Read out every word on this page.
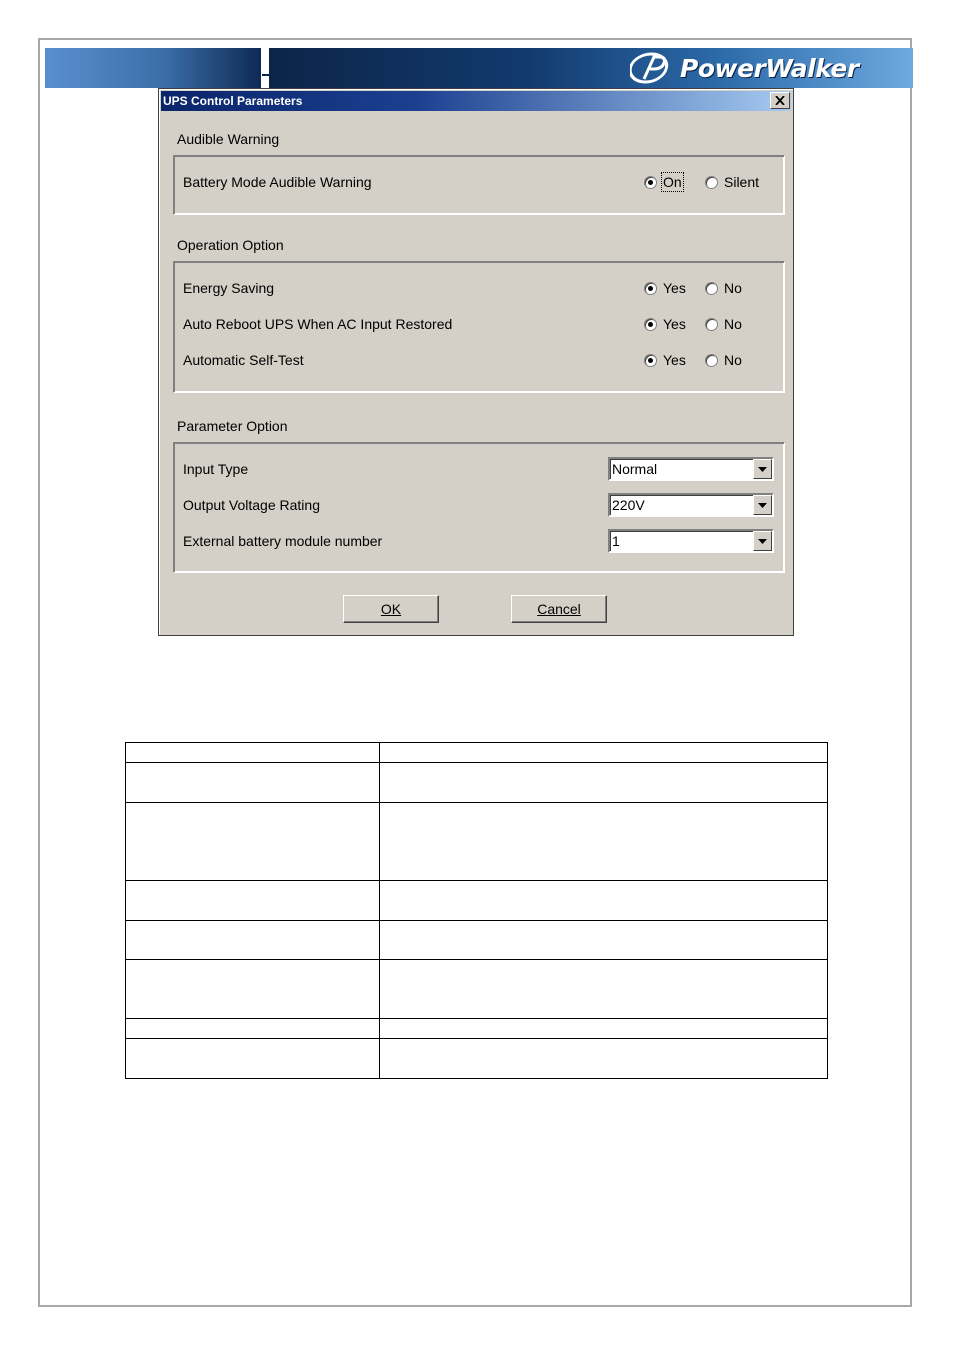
PowerWalker
UPS Control Parameters
Audible Warning
Battery Mode Audible Warning	On	Silent
Operation Option
Energy Saving	Yes	No
Auto Reboot UPS When AC Input Restored	Yes	No
Automatic Self-Test	Yes	No
Parameter Option
Input Type	Normal
Output Voltage Rating	220V
External battery module number	1
O K	C ancel
